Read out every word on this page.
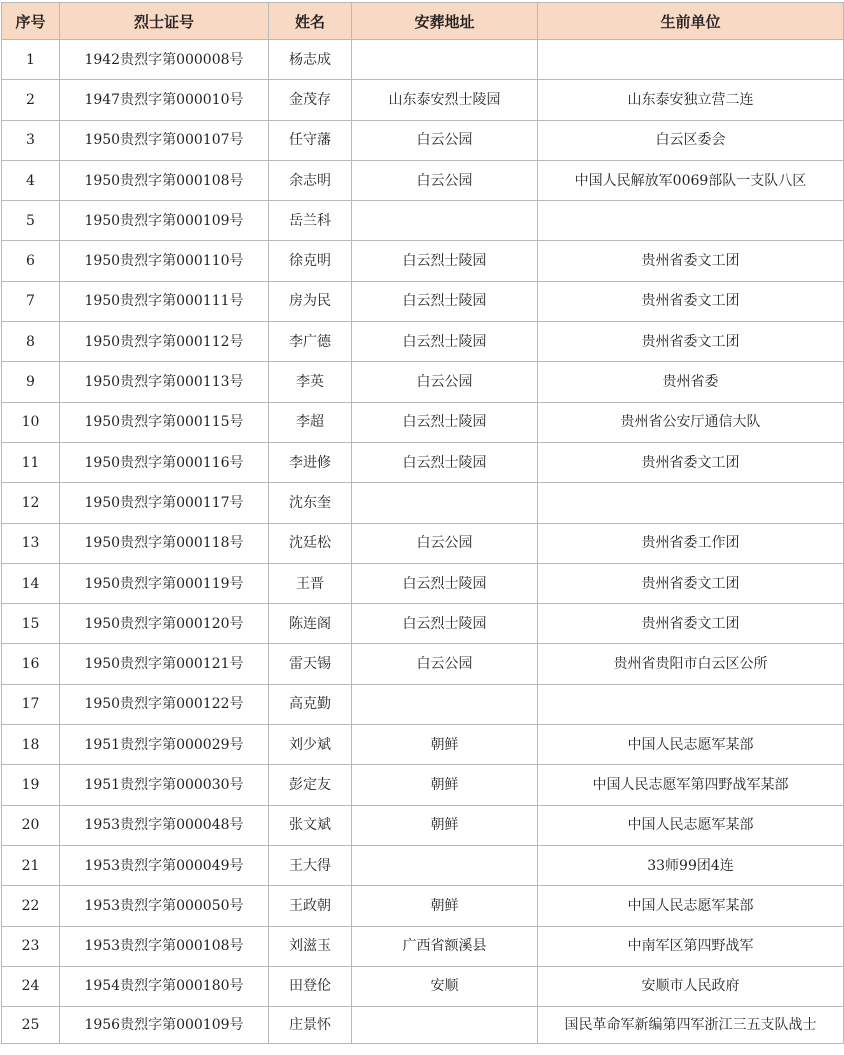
序号	烈士证号	姓名	安葬地址	生前单位
1	1942贵烈字第000008号	杨志成		
2	1947贵烈字第000010号	金茂存	山东泰安烈士陵园	山东泰安独立营二连
3	1950贵烈字第000107号	任守藩	白云公园	白云区委会
4	1950贵烈字第000108号	余志明	白云公园	中国人民解放军0069部队一支队八区
5	1950贵烈字第000109号	岳兰科		
6	1950贵烈字第000110号	徐克明	白云烈士陵园	贵州省委文工团
7	1950贵烈字第000111号	房为民	白云烈士陵园	贵州省委文工团
8	1950贵烈字第000112号	李广德	白云烈士陵园	贵州省委文工团
9	1950贵烈字第000113号	李英	白云公园	贵州省委
10	1950贵烈字第000115号	李超	白云烈士陵园	贵州省公安厅通信大队
11	1950贵烈字第000116号	李进修	白云烈士陵园	贵州省委文工团
12	1950贵烈字第000117号	沈东奎		
13	1950贵烈字第000118号	沈廷松	白云公园	贵州省委工作团
14	1950贵烈字第000119号	王晋	白云烈士陵园	贵州省委文工团
15	1950贵烈字第000120号	陈连阁	白云烈士陵园	贵州省委文工团
16	1950贵烈字第000121号	雷天锡	白云公园	贵州省贵阳市白云区公所
17	1950贵烈字第000122号	高克勤		
18	1951贵烈字第000029号	刘少斌	朝鲜	中国人民志愿军某部
19	1951贵烈字第000030号	彭定友	朝鲜	中国人民志愿军第四野战军某部
20	1953贵烈字第000048号	张文斌	朝鲜	中国人民志愿军某部
21	1953贵烈字第000049号	王大得		33师99团4连
22	1953贵烈字第000050号	王政朝	朝鲜	中国人民志愿军某部
23	1953贵烈字第000108号	刘滋玉	广西省额溪县	中南军区第四野战军
24	1954贵烈字第000180号	田登伦	安顺	安顺市人民政府
25	1956贵烈字第000109号	庄景怀		国民革命军新编第四军浙江三五支队战士
